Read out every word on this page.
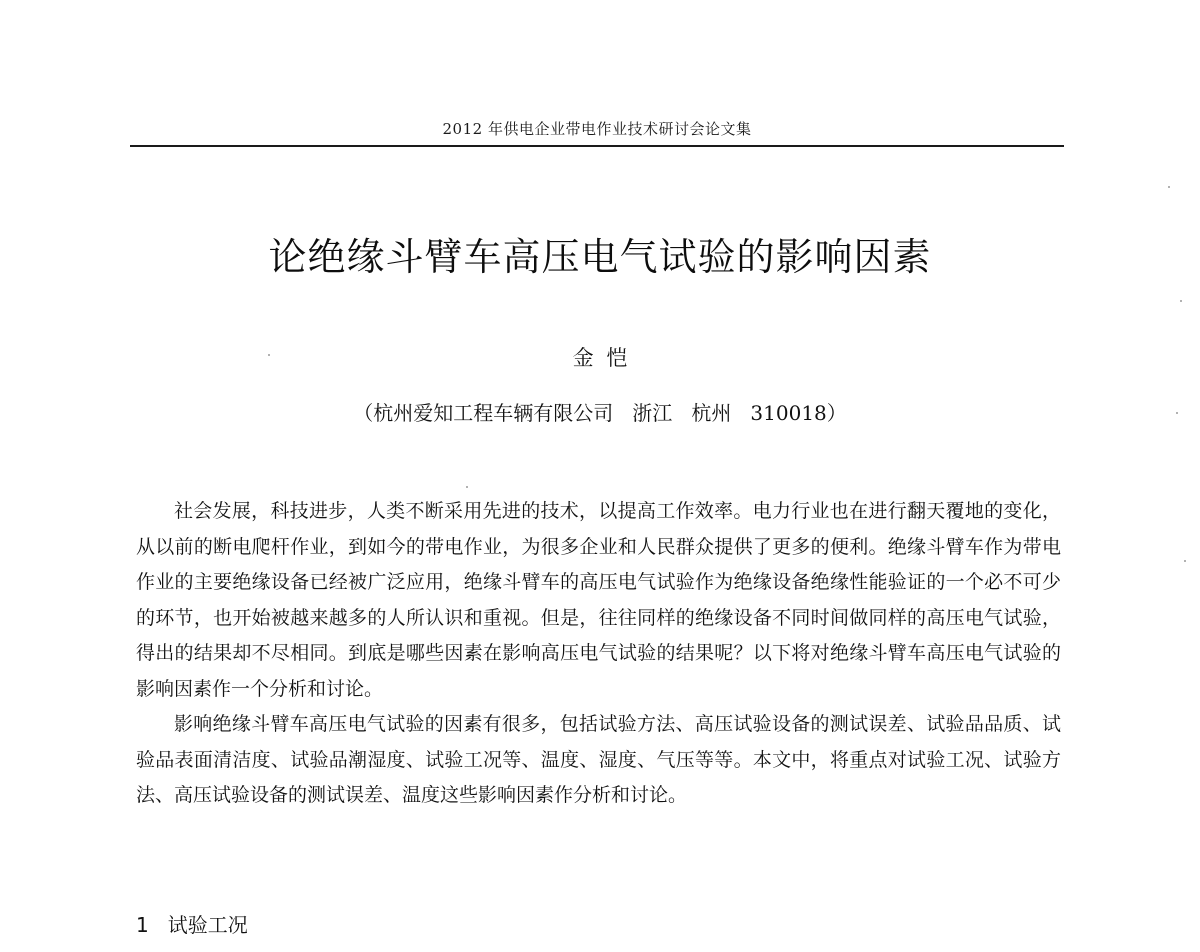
2012 年供电企业带电作业技术研讨会论文集
论绝缘斗臂车高压电气试验的影响因素
金 恺
（杭州爱知工程车辆有限公司   浙江   杭州   310018）

社会发展，科技进步，人类不断采用先进的技术，以提高工作效率。电力行业也在进行翻天覆地的变化，从以前的断电爬杆作业，到如今的带电作业，为很多企业和人民群众提供了更多的便利。绝缘斗臂车作为带电作业的主要绝缘设备已经被广泛应用，绝缘斗臂车的高压电气试验作为绝缘设备绝缘性能验证的一个必不可少的环节，也开始被越来越多的人所认识和重视。但是，往往同样的绝缘设备不同时间做同样的高压电气试验，得出的结果却不尽相同。到底是哪些因素在影响高压电气试验的结果呢？以下将对绝缘斗臂车高压电气试验的影响因素作一个分析和讨论。

影响绝缘斗臂车高压电气试验的因素有很多，包括试验方法、高压试验设备的测试误差、试验品品质、试验品表面清洁度、试验品潮湿度、试验工况等、温度、湿度、气压等等。本文中，将重点对试验工况、试验方法、高压试验设备的测试误差、温度这些影响因素作分析和讨论。

1   试验工况
